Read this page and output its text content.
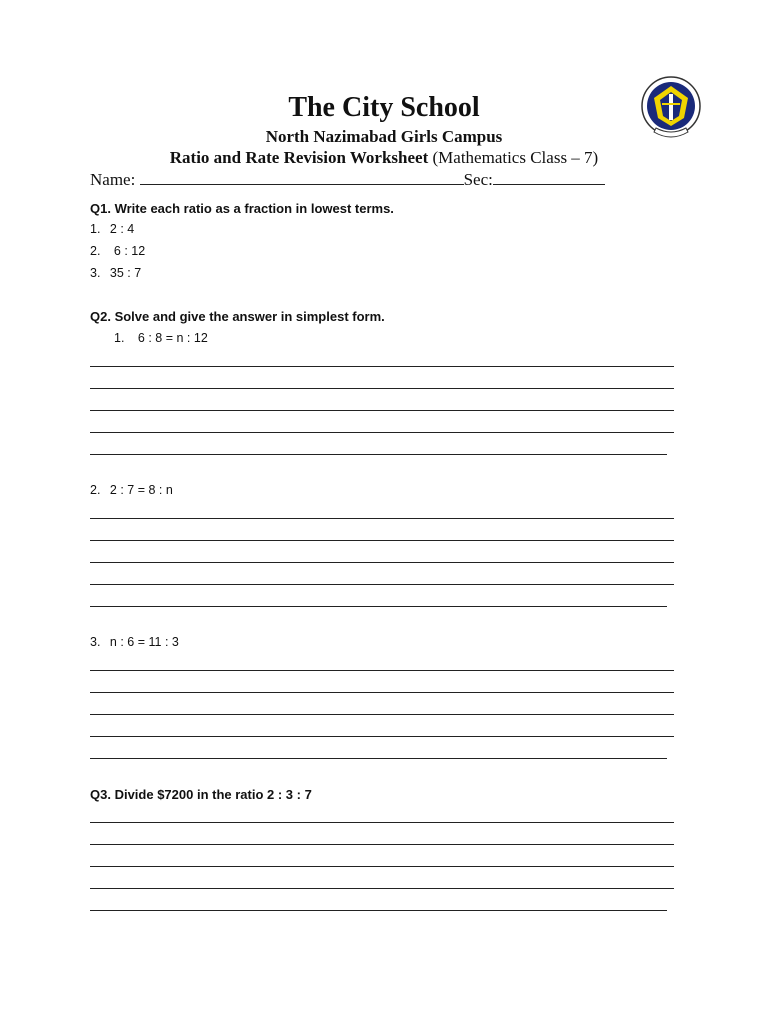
The City School
North Nazimabad Girls Campus
Ratio and Rate Revision Worksheet (Mathematics Class – 7)
Name:	Sec:
Q1. Write each ratio as a fraction in lowest terms.
1. 2 : 4
2. 6 : 12
3. 35 : 7
Q2. Solve and give the answer in simplest form.
1. 6 : 8 = n : 12
2. 2 : 7 = 8 : n
3. n : 6 = 11 : 3
Q3. Divide $7200 in the ratio 2 : 3 : 7
